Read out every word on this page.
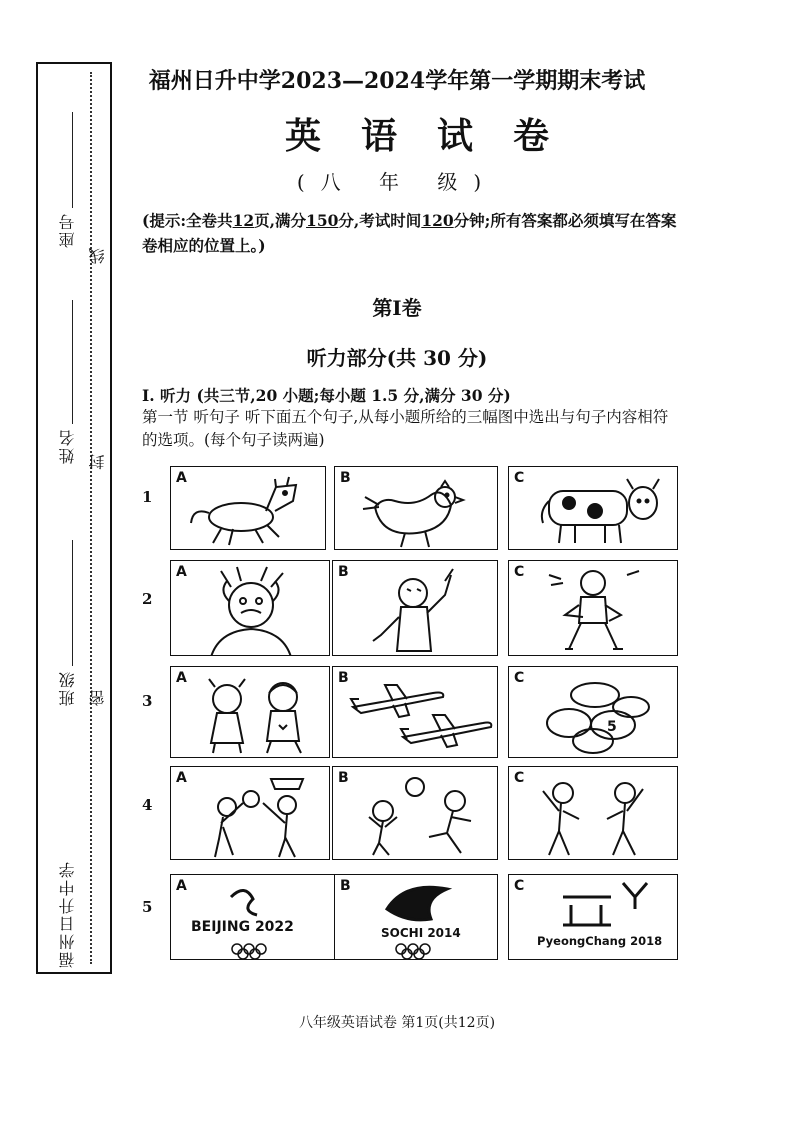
座号
姓名
班级
福州日升中学
线
封
密
福州日升中学2023—2024学年第一学期期末考试
英语试卷
(八 年 级)
(提示:全卷共12页,满分150分,考试时间120分钟;所有答案都必须填写在答案卷相应的位置上。)
第Ⅰ卷
听力部分(共 30 分)
Ⅰ. 听力 (共三节,20 小题;每小题 1.5 分,满分 30 分)
第一节 听句子 听下面五个句子,从每小题所给的三幅图中选出与句子内容相符的选项。(每个句子读两遍)
1
A	B	C
2
A	B	C
3
A	B	C
5
4
A	B	C
5
A
BEIJING 2022
B
SOCHI 2014
C
PyeongChang 2018
八年级英语试卷 第1页(共12页)
